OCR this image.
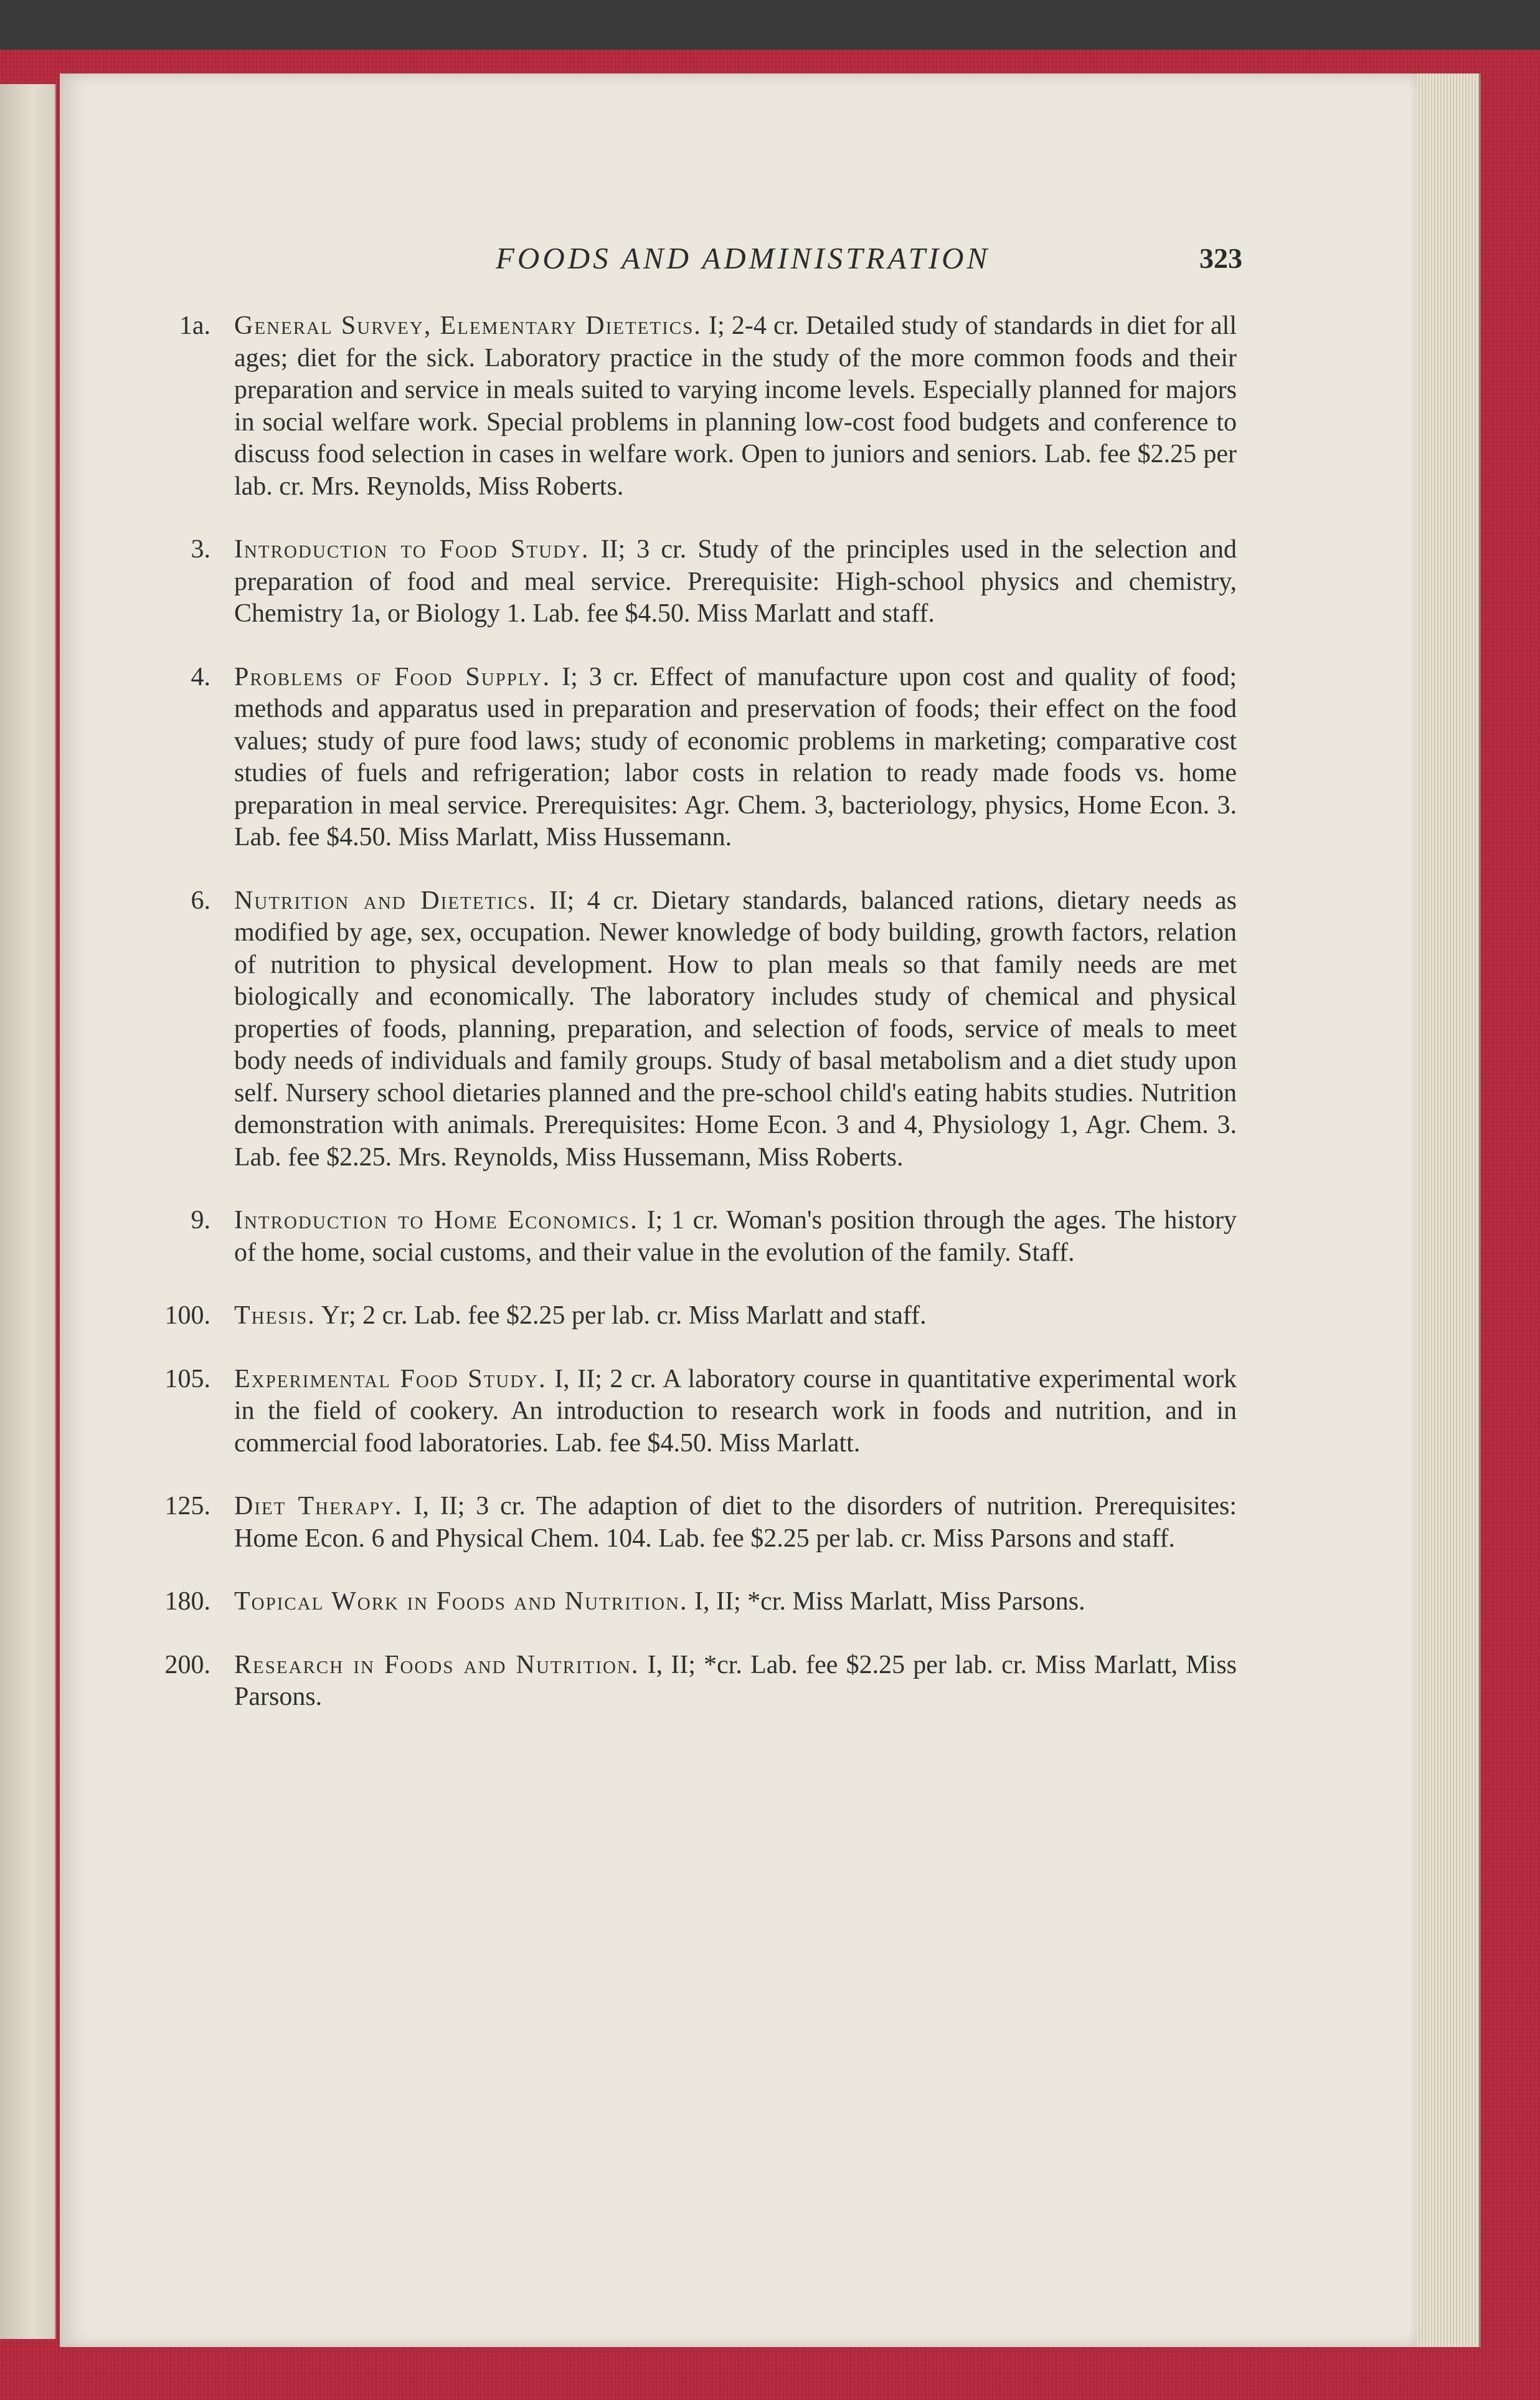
FOODS AND ADMINISTRATION	323
1a. General Survey, Elementary Dietetics. I; 2-4 cr. Detailed study of standards in diet for all ages; diet for the sick. Laboratory practice in the study of the more common foods and their preparation and service in meals suited to varying income levels. Especially planned for majors in social welfare work. Special problems in planning low-cost food budgets and conference to discuss food selection in cases in welfare work. Open to juniors and seniors. Lab. fee $2.25 per lab. cr. Mrs. Reynolds, Miss Roberts.
3. Introduction to Food Study. II; 3 cr. Study of the principles used in the selection and preparation of food and meal service. Prerequisite: High-school physics and chemistry, Chemistry 1a, or Biology 1. Lab. fee $4.50. Miss Marlatt and staff.
4. Problems of Food Supply. I; 3 cr. Effect of manufacture upon cost and quality of food; methods and apparatus used in preparation and preservation of foods; their effect on the food values; study of pure food laws; study of economic problems in marketing; comparative cost studies of fuels and refrigeration; labor costs in relation to ready made foods vs. home preparation in meal service. Prerequisites: Agr. Chem. 3, bacteriology, physics, Home Econ. 3. Lab. fee $4.50. Miss Marlatt, Miss Hussemann.
6. Nutrition and Dietetics. II; 4 cr. Dietary standards, balanced rations, dietary needs as modified by age, sex, occupation. Newer knowledge of body building, growth factors, relation of nutrition to physical development. How to plan meals so that family needs are met biologically and economically. The laboratory includes study of chemical and physical properties of foods, planning, preparation, and selection of foods, service of meals to meet body needs of individuals and family groups. Study of basal metabolism and a diet study upon self. Nursery school dietaries planned and the pre-school child's eating habits studies. Nutrition demonstration with animals. Prerequisites: Home Econ. 3 and 4, Physiology 1, Agr. Chem. 3. Lab. fee $2.25. Mrs. Reynolds, Miss Hussemann, Miss Roberts.
9. Introduction to Home Economics. I; 1 cr. Woman's position through the ages. The history of the home, social customs, and their value in the evolution of the family. Staff.
100. Thesis. Yr; 2 cr. Lab. fee $2.25 per lab. cr. Miss Marlatt and staff.
105. Experimental Food Study. I, II; 2 cr. A laboratory course in quantitative experimental work in the field of cookery. An introduction to research work in foods and nutrition, and in commercial food laboratories. Lab. fee $4.50. Miss Marlatt.
125. Diet Therapy. I, II; 3 cr. The adaption of diet to the disorders of nutrition. Prerequisites: Home Econ. 6 and Physical Chem. 104. Lab. fee $2.25 per lab. cr. Miss Parsons and staff.
180. Topical Work in Foods and Nutrition. I, II; *cr. Miss Marlatt, Miss Parsons.
200. Research in Foods and Nutrition. I, II; *cr. Lab. fee $2.25 per lab. cr. Miss Marlatt, Miss Parsons.
